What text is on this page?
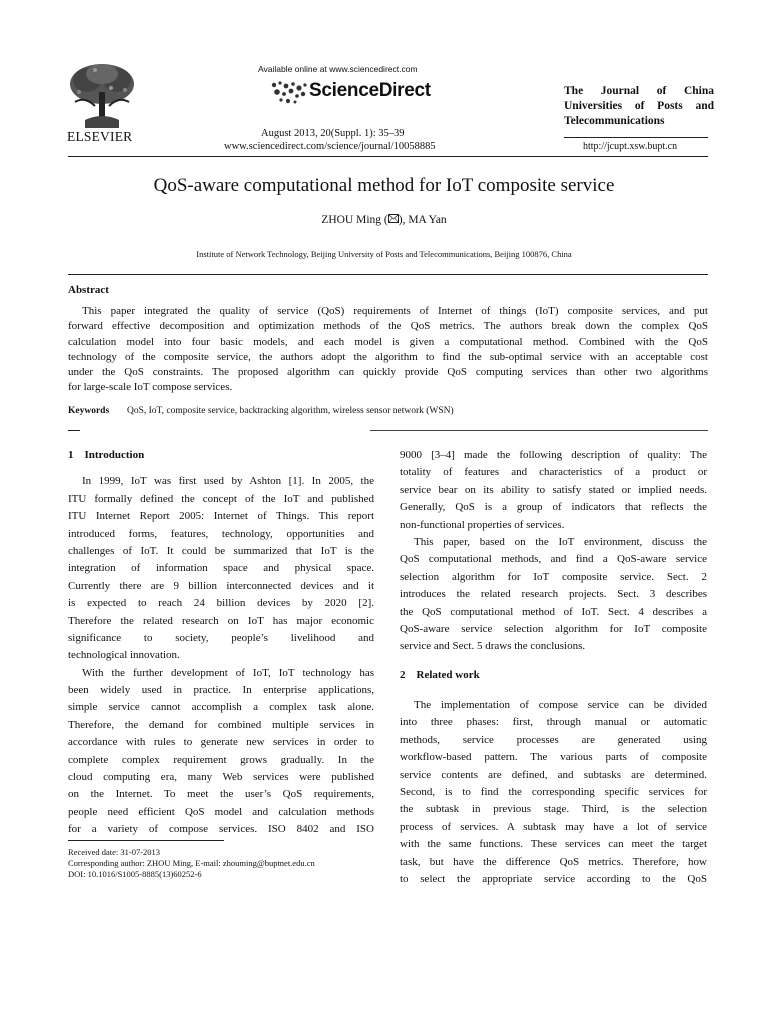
ELSEVIER
Available online at www.sciencedirect.com
ScienceDirect
August 2013, 20(Suppl. 1): 35–39
www.sciencedirect.com/science/journal/10058885
The Journal of China
Universities of Posts and
Telecommunications
http://jcupt.xsw.bupt.cn
QoS-aware computational method for IoT composite service
ZHOU Ming ( ), MA Yan
Institute of Network Technology, Beijing University of Posts and Telecommunications, Beijing 100876, China
Abstract
This paper integrated the quality of service (QoS) requirements of Internet of things (IoT) composite services, and put
forward effective decomposition and optimization methods of the QoS metrics. The authors break down the complex QoS
calculation model into four basic models, and each model is given a computational method. Combined with the QoS
technology of the composite service, the authors adopt the algorithm to find the sub-optimal service with an acceptable cost
under the QoS constraints. The proposed algorithm can quickly provide QoS computing services than other two algorithms
for large-scale IoT compose services.
Keywords QoS, IoT, composite service, backtracking algorithm, wireless sensor network (WSN)
1    Introduction
In 1999, IoT was first used by Ashton [1]. In 2005, the
ITU formally defined the concept of the IoT and published
ITU Internet Report 2005: Internet of Things. This report
introduced forms, features, technology, opportunities and
challenges of IoT. It could be summarized that IoT is the
integration of information space and physical space.
Currently there are 9 billion interconnected devices and it
is expected to reach 24 billion devices by 2020 [2].
Therefore the related research on IoT has major economic
significance to society, people’s livelihood and
technological innovation.
With the further development of IoT, IoT technology has
been widely used in practice. In enterprise applications,
simple service cannot accomplish a complex task alone.
Therefore, the demand for combined multiple services in
accordance with rules to generate new services in order to
complete complex requirement grows gradually. In the
cloud computing era, many Web services were published
on the Internet. To meet the user’s QoS requirements,
people need efficient QoS model and calculation methods
for a variety of compose services. ISO 8402 and ISO
9000 [3–4] made the following description of quality: The
totality of features and characteristics of a product or
service bear on its ability to satisfy stated or implied needs.
Generally, QoS is a group of indicators that reflects the
non-functional properties of services.
This paper, based on the IoT environment, discuss the
QoS computational methods, and find a QoS-aware service
selection algorithm for IoT composite service. Sect. 2
introduces the related research projects. Sect. 3 describes
the QoS computational method of IoT. Sect. 4 describes a
QoS-aware service selection algorithm for IoT composite
service and Sect. 5 draws the conclusions.
2    Related work
The implementation of compose service can be divided
into three phases: first, through manual or automatic
methods, service processes are generated using
workflow-based pattern. The various parts of composite
service contents are defined, and subtasks are determined.
Second, is to find the corresponding specific services for
the subtask in previous stage. Third, is the selection
process of services. A subtask may have a lot of service
with the same functions. These services can meet the target
task, but have the difference QoS metrics. Therefore, how
to select the appropriate service according to the QoS
Received date: 31-07-2013
Corresponding author: ZHOU Ming, E-mail: zhouming@buptnet.edu.cn
DOI: 10.1016/S1005-8885(13)60252-6
